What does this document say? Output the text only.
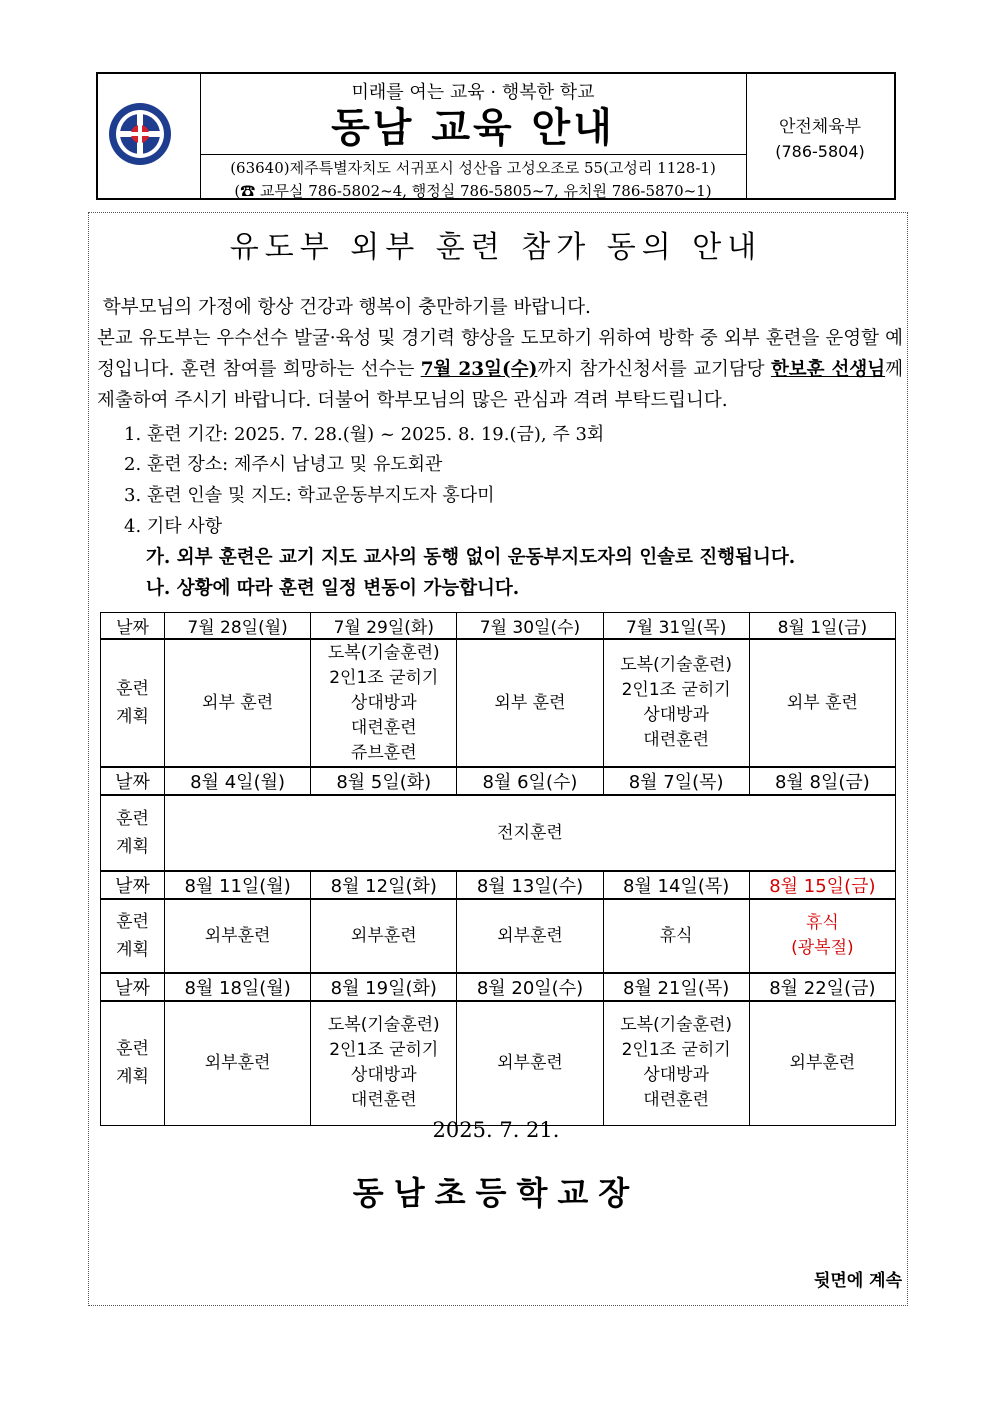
미래를 여는 교육 · 행복한 학교
동남 교육 안내
(63640)제주특별자치도 서귀포시 성산읍 고성오조로 55(고성리 1128-1)
(☎ 교무실 786-5802~4, 행정실 786-5805~7, 유치원 786-5870~1)
안전체육부
(786-5804)
유도부 외부 훈련 참가 동의 안내
학부모님의 가정에 항상 건강과 행복이 충만하기를 바랍니다.
본교 유도부는 우수선수 발굴·육성 및 경기력 향상을 도모하기 위하여 방학 중 외부 훈련을 운영할 예정입니다. 훈련 참여를 희망하는 선수는 7월 23일(수)까지 참가신청서를 교기담당 한보훈 선생님께 제출하여 주시기 바랍니다. 더불어 학부모님의 많은 관심과 격려 부탁드립니다.
1. 훈련 기간: 2025. 7. 28.(월) ~ 2025. 8. 19.(금), 주 3회
2. 훈련 장소: 제주시 남녕고 및 유도회관
3. 훈련 인솔 및 지도: 학교운동부지도자 홍다미
4. 기타 사항
가. 외부 훈련은 교기 지도 교사의 동행 없이 운동부지도자의 인솔로 진행됩니다.
나. 상황에 따라 훈련 일정 변동이 가능합니다.
날짜	7월 28일(월)	7월 29일(화)	7월 30일(수)	7월 31일(목)	8월 1일(금)
훈련
계획	외부 훈련	도복(기술훈련)
2인1조 굳히기
상대방과
대련훈련
쥬브훈련	외부 훈련	도복(기술훈련)
2인1조 굳히기
상대방과
대련훈련	외부 훈련
날짜	8월 4일(월)	8월 5일(화)	8월 6일(수)	8월 7일(목)	8월 8일(금)
훈련
계획	전지훈련				
날짜	8월 11일(월)	8월 12일(화)	8월 13일(수)	8월 14일(목)	8월 15일(금)
훈련
계획	외부훈련	외부훈련	외부훈련	휴식	휴식
(광복절)
날짜	8월 18일(월)	8월 19일(화)	8월 20일(수)	8월 21일(목)	8월 22일(금)
훈련
계획	외부훈련	도복(기술훈련)
2인1조 굳히기
상대방과
대련훈련	외부훈련	도복(기술훈련)
2인1조 굳히기
상대방과
대련훈련	외부훈련
2025. 7. 21.
동남초등학교장
뒷면에 계속
